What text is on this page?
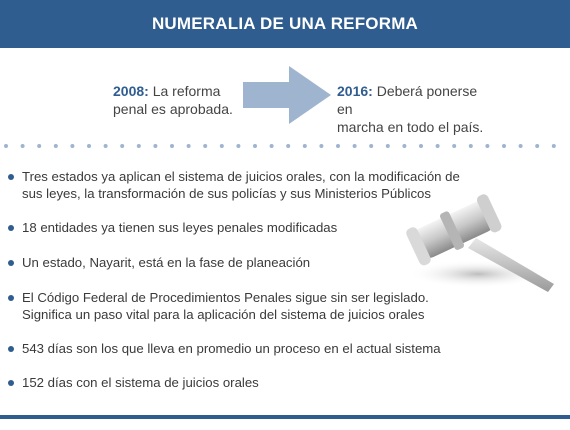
NUMERALIA DE UNA REFORMA
2008: La reforma
penal es aprobada.
2016: Deberá ponerse en
marcha en todo el país.
Tres estados ya aplican el sistema de juicios orales, con la modificación de
sus leyes, la transformación de sus policías y sus Ministerios Públicos
18 entidades ya tienen sus leyes penales modificadas
Un estado, Nayarit, está en la fase de planeación
El Código Federal de Procedimientos Penales sigue sin ser legislado.
Significa un paso vital para la aplicación del sistema de juicios orales
543 días son los que lleva en promedio un proceso en el actual sistema
152 días con el sistema de juicios orales
